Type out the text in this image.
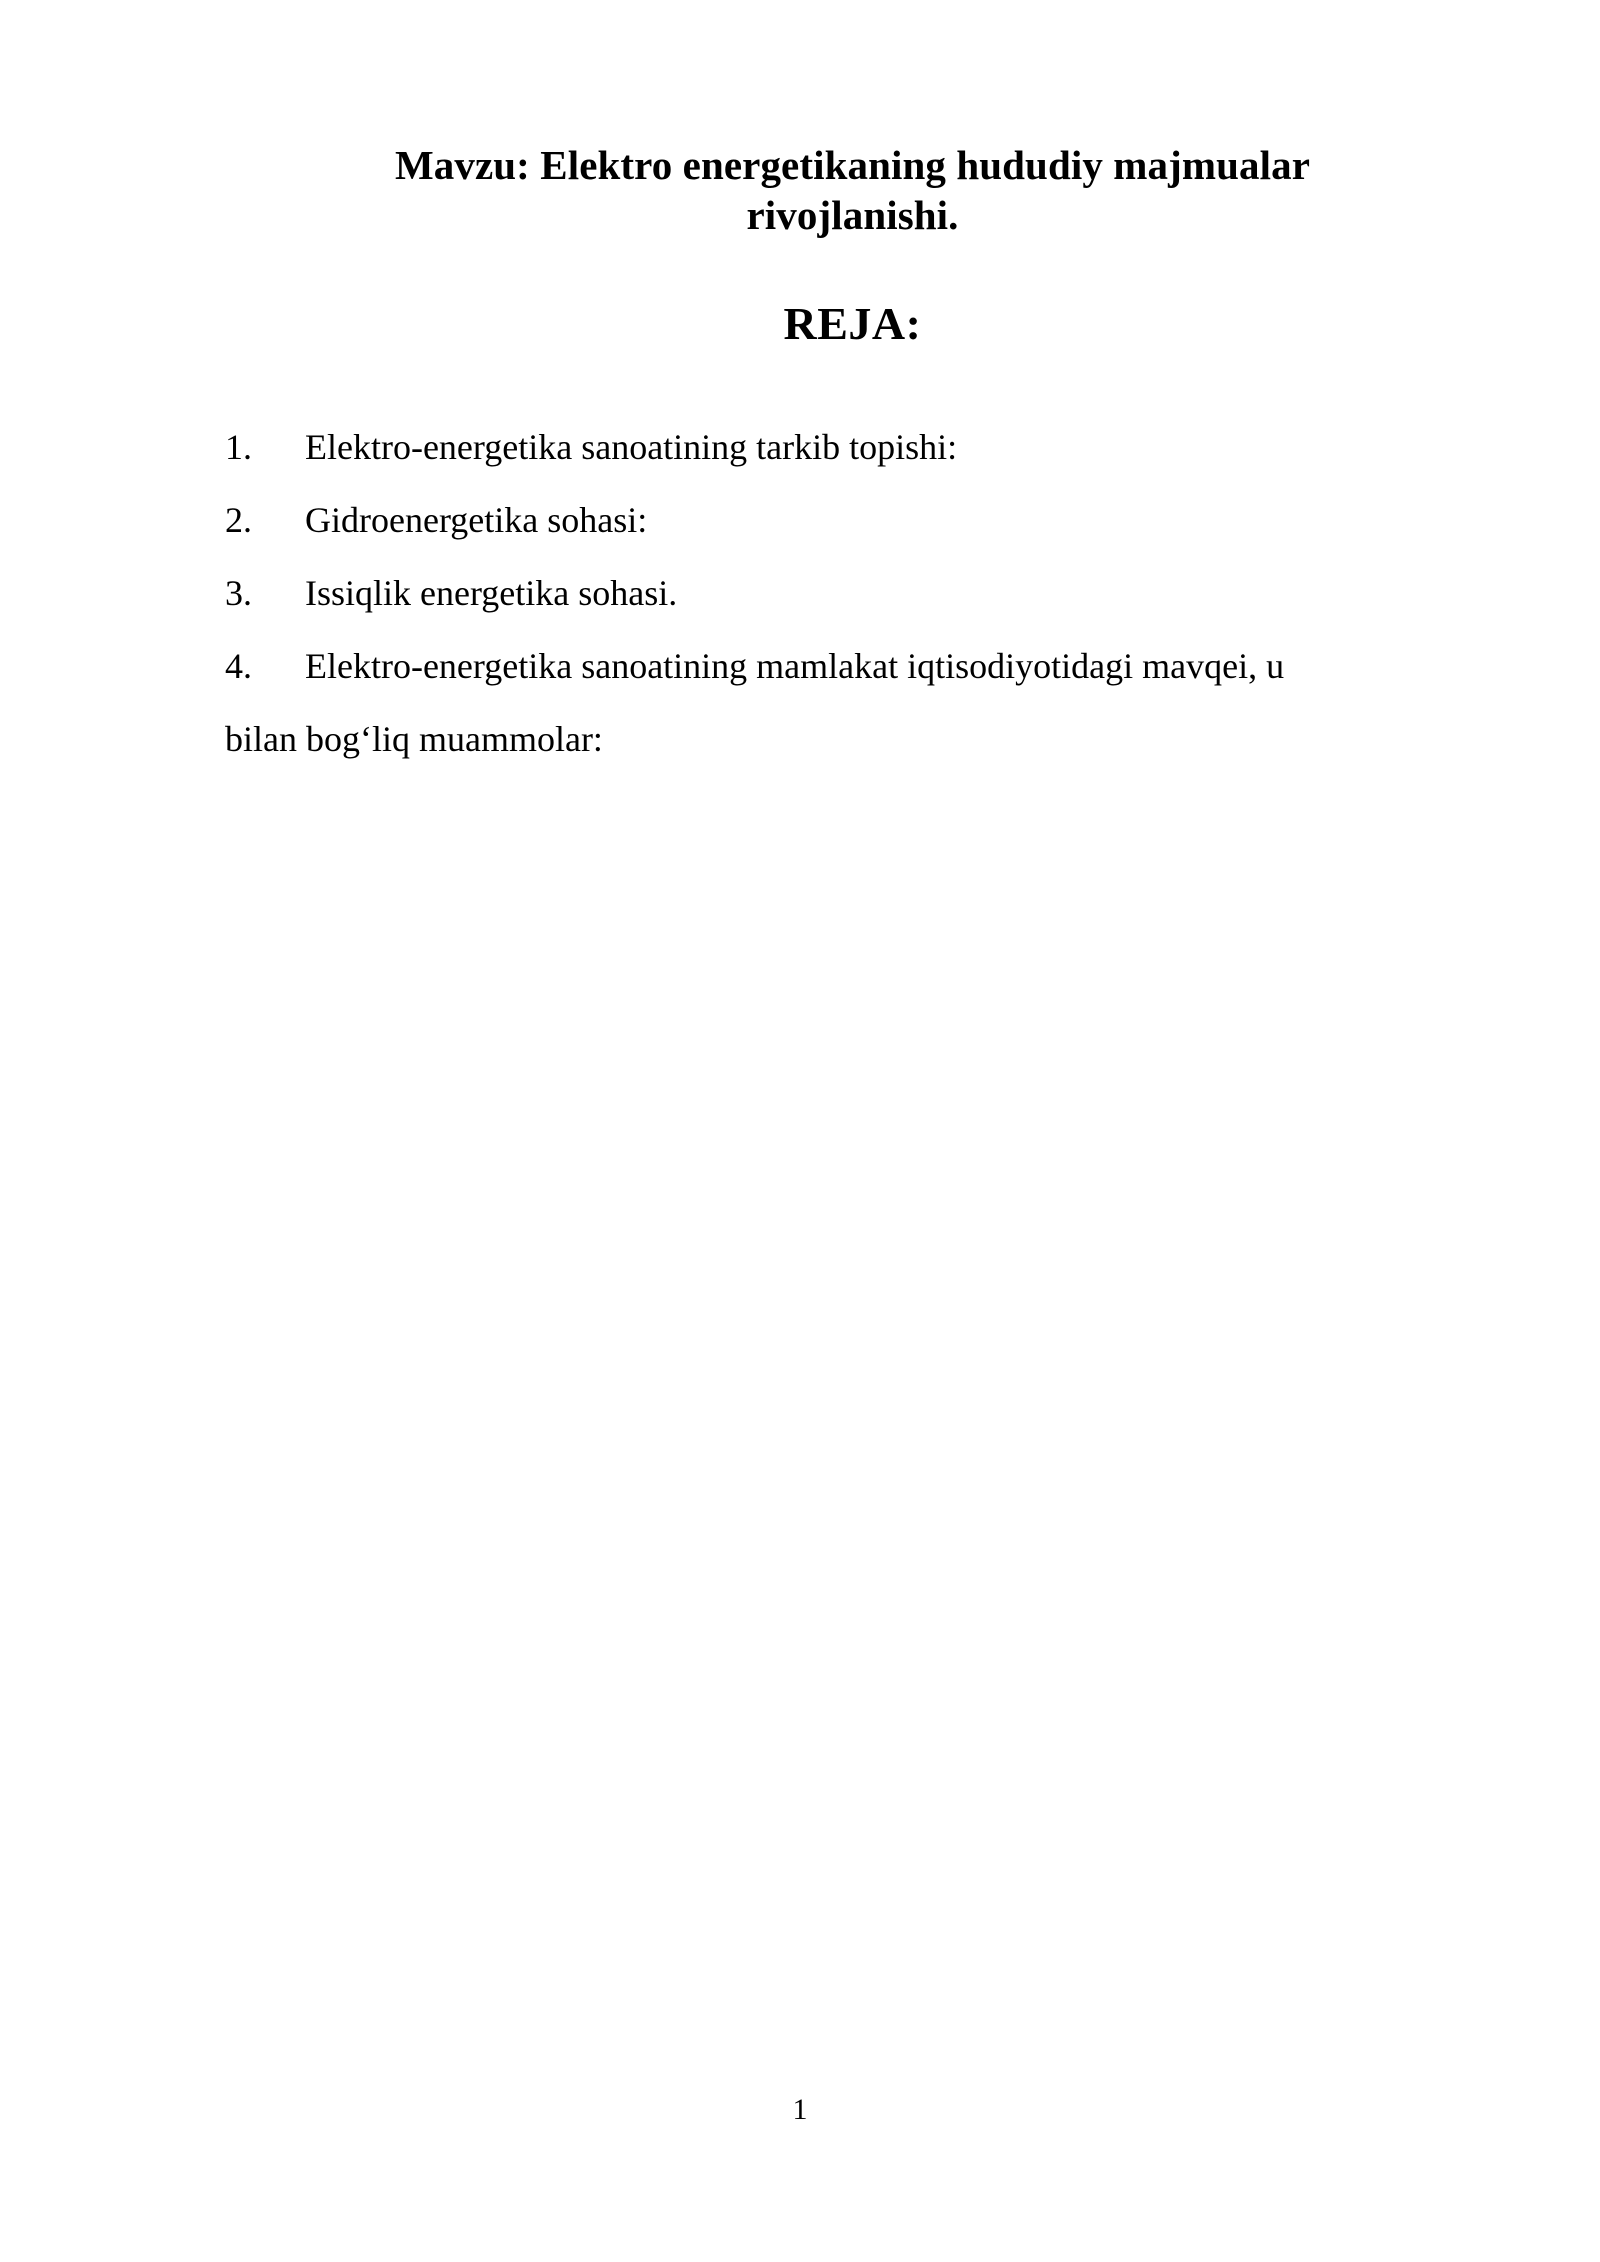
Mavzu: Elektro energetikaning hududiy majmualar
rivojlanishi.
REJA:
1.	Elektro-energetika sanoatining tarkib topishi:
2.	Gidroenergetika sohasi:
3.	Issiqlik energetika sohasi.
4.	Elektro-energetika sanoatining mamlakat iqtisodiyotidagi mavqei, u

bilan bog‘liq muammolar:

1
